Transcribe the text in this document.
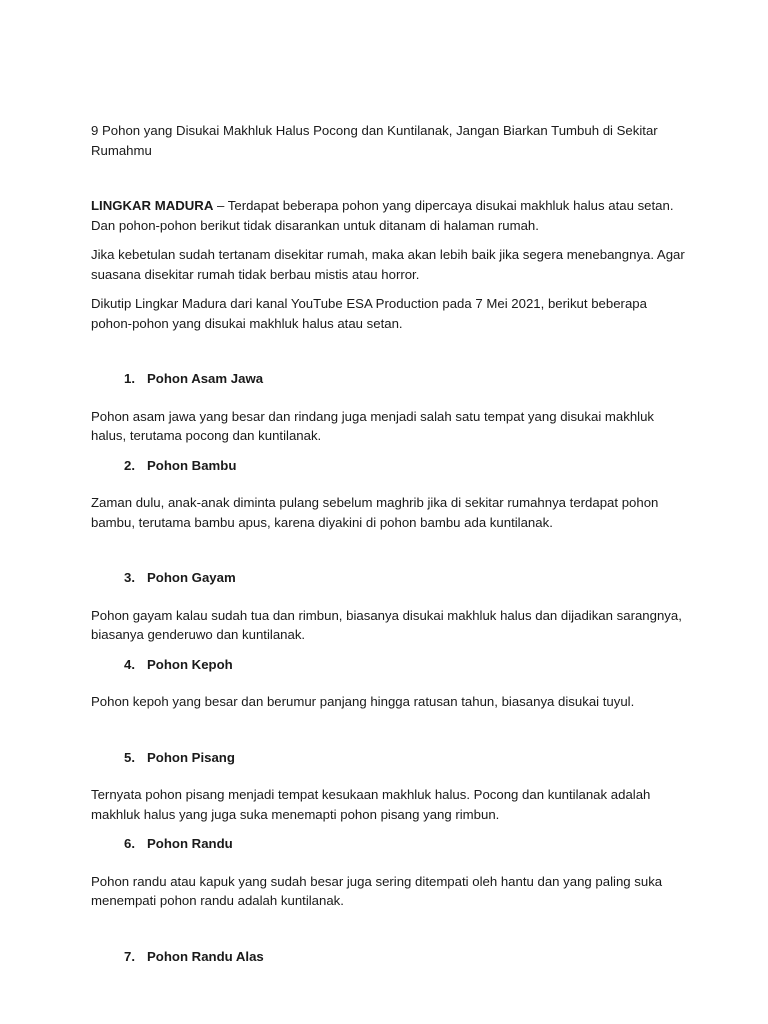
9 Pohon yang Disukai Makhluk Halus Pocong dan Kuntilanak, Jangan Biarkan Tumbuh di Sekitar Rumahmu

LINGKAR MADURA – Terdapat beberapa pohon yang dipercaya disukai makhluk halus atau setan. Dan pohon-pohon berikut tidak disarankan untuk ditanam di halaman rumah.

Jika kebetulan sudah tertanam disekitar rumah, maka akan lebih baik jika segera menebangnya. Agar suasana disekitar rumah tidak berbau mistis atau horror.

Dikutip Lingkar Madura dari kanal YouTube ESA Production pada 7 Mei 2021, berikut beberapa pohon-pohon yang disukai makhluk halus atau setan.

1. Pohon Asam Jawa

Pohon asam jawa yang besar dan rindang juga menjadi salah satu tempat yang disukai makhluk halus, terutama pocong dan kuntilanak.

2. Pohon Bambu

Zaman dulu, anak-anak diminta pulang sebelum maghrib jika di sekitar rumahnya terdapat pohon bambu, terutama bambu apus, karena diyakini di pohon bambu ada kuntilanak.

3. Pohon Gayam

Pohon gayam kalau sudah tua dan rimbun, biasanya disukai makhluk halus dan dijadikan sarangnya, biasanya genderuwo dan kuntilanak.

4. Pohon Kepoh

Pohon kepoh yang besar dan berumur panjang hingga ratusan tahun, biasanya disukai tuyul.

5. Pohon Pisang

Ternyata pohon pisang menjadi tempat kesukaan makhluk halus. Pocong dan kuntilanak adalah makhluk halus yang juga suka menemapti pohon pisang yang rimbun.

6. Pohon Randu

Pohon randu atau kapuk yang sudah besar juga sering ditempati oleh hantu dan yang paling suka menempati pohon randu adalah kuntilanak.

7. Pohon Randu Alas
